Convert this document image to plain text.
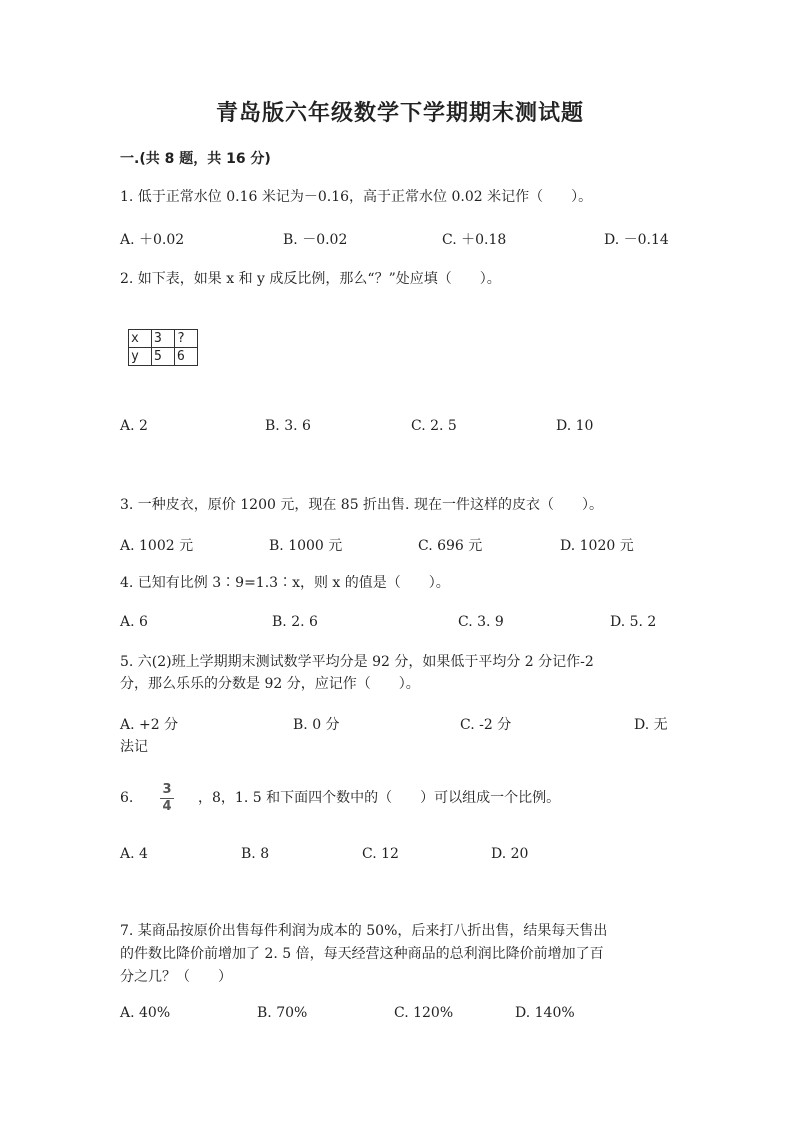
青岛版六年级数学下学期期末测试题
一.(共 8 题，共 16 分)
1. 低于正常水位 0.16 米记为－0.16，高于正常水位 0.02 米记作（　　）。
A. ＋0.02	B. －0.02	C. ＋0.18	D. －0.14
2. 如下表，如果 x 和 y 成反比例，那么“？”处应填（　　）。
x	3	?
y	5	6
A. 2	B. 3. 6	C. 2. 5	D. 10
3. 一种皮衣，原价 1200 元，现在 85 折出售. 现在一件这样的皮衣（　　）。
A. 1002 元	B. 1000 元	C. 696 元	D. 1020 元
4. 已知有比例 3∶9=1.3∶x，则 x 的值是（　　）。
A. 6	B. 2. 6	C. 3. 9	D. 5. 2
5. 六(2)班上学期期末测试数学平均分是 92 分，如果低于平均分 2 分记作-2
分，那么乐乐的分数是 92 分，应记作（　　）。
A. +2 分	B. 0 分	C. -2 分	D. 无
法记
6.
3
4
，8，1. 5 和下面四个数中的（　　）可以组成一个比例。
A. 4	B. 8	C. 12	D. 20
7. 某商品按原价出售每件利润为成本的 50%，后来打八折出售，结果每天售出
的件数比降价前增加了 2. 5 倍，每天经营这种商品的总利润比降价前增加了百
分之几？（　　）
A. 40%	B. 70%	C. 120%	D. 140%
